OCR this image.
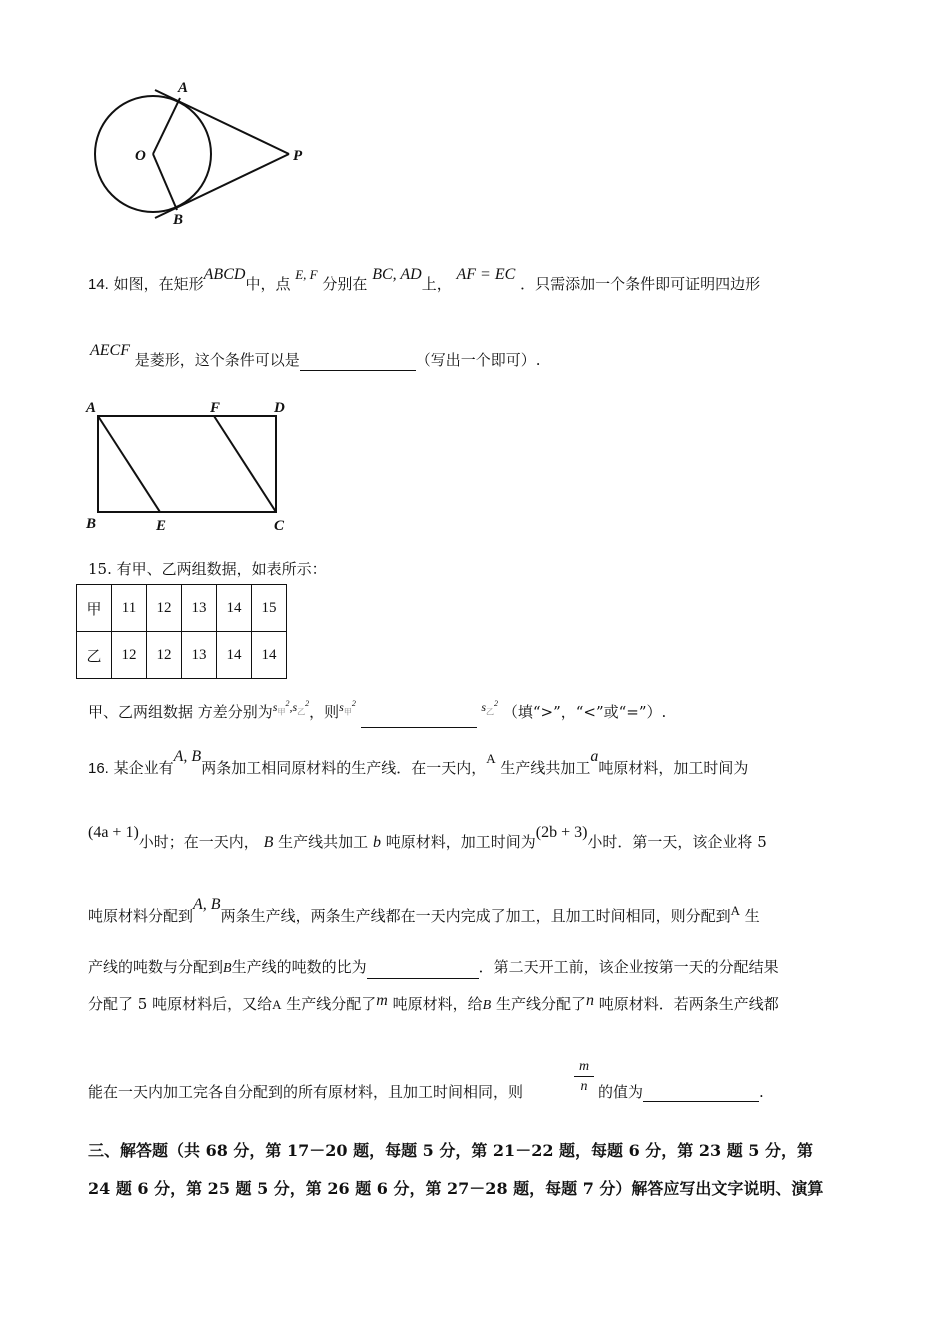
A
O	P
B
14. 如图，在矩形ABCD中，点 E, F 分别在 BC, AD上， AF = EC ．只需添加一个条件即可证明四边形
AECF 是菱形，这个条件可以是	（写出一个即可）.
A	F	D
B	E	C
15. 有甲、乙两组数据，如表所示：
甲	11	12	13	14	15
乙	12	12	13	14	14
甲、乙两组数据 方差分别为$^{s_甲^2,s_乙^2}$，则$^{s_甲^2}$	$^{s_乙^2}$ （填“>”，“<”或“=”）.
16. 某企业有A, B两条加工相同原材料的生产线．在一天内，A 生产线共加工a吨原材料，加工时间为
(4a + 1)小时；在一天内， B 生产线共加工 b 吨原材料，加工时间为(2b + 3)小时．第一天，该企业将 5
吨原材料分配到A, B两条生产线，两条生产线都在一天内完成了加工，且加工时间相同，则分配到A 生
产线的吨数与分配到B生产线的吨数的比为	．第二天开工前，该企业按第一天的分配结果
分配了 5 吨原材料后，又给A 生产线分配了m 吨原材料，给B 生产线分配了n 吨原材料．若两条生产线都
能在一天内加工完各自分配到的所有原材料，且加工时间相同，则	$\frac{m}{n}$ 的值为	.
三、解答题（共 68 分，第 17－20 题，每题 5 分，第 21－22 题，每题 6 分，第 23 题 5 分，第
24 题 6 分，第 25 题 5 分，第 26 题 6 分，第 27－28 题，每题 7 分）解答应写出文字说明、演算
